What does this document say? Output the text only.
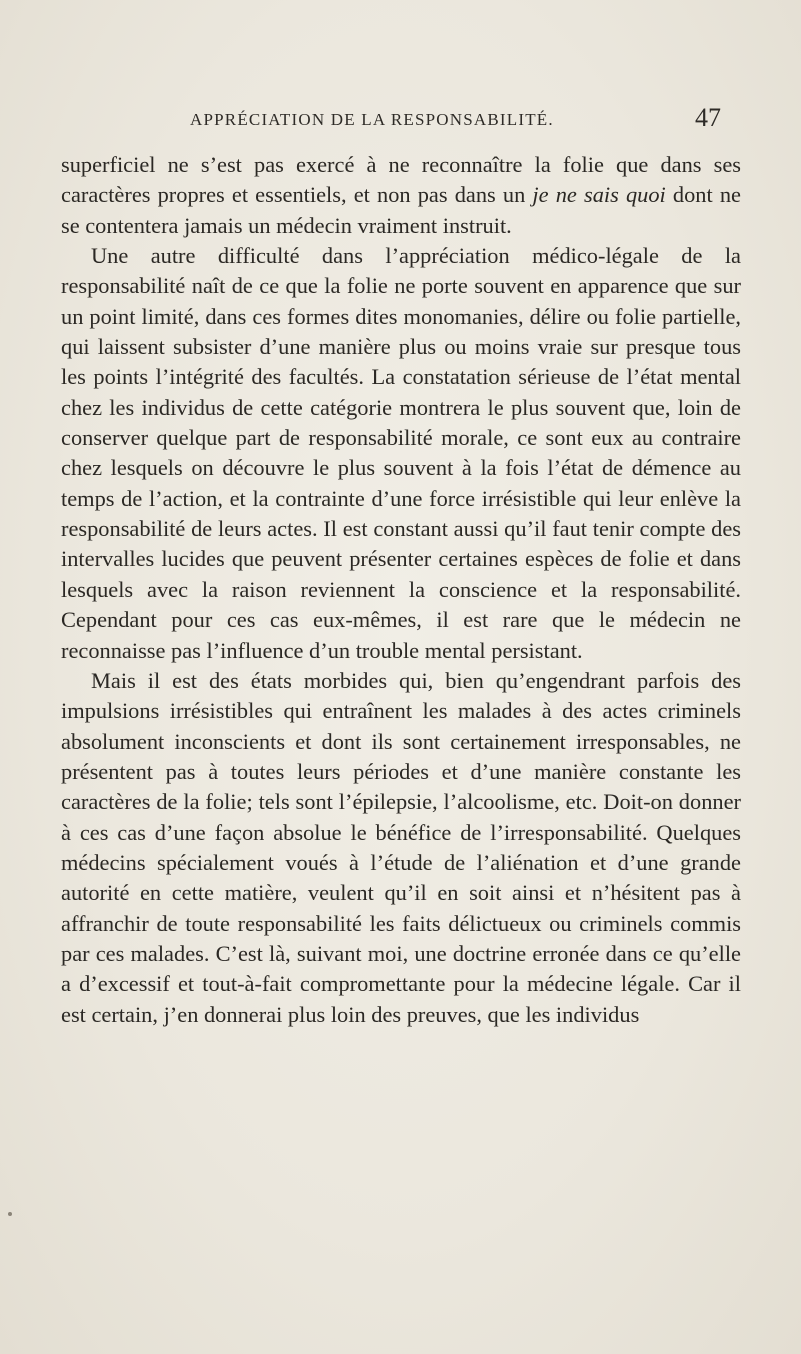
APPRÉCIATION DE LA RESPONSABILITÉ.	47

superficiel ne s’est pas exercé à ne reconnaître la folie que dans ses caractères propres et essentiels, et non pas dans un je ne sais quoi dont ne se contentera jamais un médecin vraiment instruit.

Une autre difficulté dans l’appréciation médico-légale de la responsabilité naît de ce que la folie ne porte souvent en apparence que sur un point limité, dans ces formes dites monomanies, délire ou folie partielle, qui laissent subsister d’une manière plus ou moins vraie sur presque tous les points l’intégrité des facultés. La constatation sérieuse de l’état mental chez les individus de cette catégorie montrera le plus souvent que, loin de conserver quelque part de responsabilité morale, ce sont eux au contraire chez lesquels on découvre le plus souvent à la fois l’état de démence au temps de l’action, et la contrainte d’une force irrésistible qui leur enlève la responsabilité de leurs actes. Il est constant aussi qu’il faut tenir compte des intervalles lucides que peuvent présenter certaines espèces de folie et dans lesquels avec la raison reviennent la conscience et la responsabilité. Cependant pour ces cas eux-mêmes, il est rare que le médecin ne reconnaisse pas l’influence d’un trouble mental persistant.

Mais il est des états morbides qui, bien qu’engendrant parfois des impulsions irrésistibles qui entraînent les malades à des actes criminels absolument inconscients et dont ils sont certainement irresponsables, ne présentent pas à toutes leurs périodes et d’une manière constante les caractères de la folie; tels sont l’épilepsie, l’alcoolisme, etc. Doit-on donner à ces cas d’une façon absolue le bénéfice de l’irresponsabilité. Quelques médecins spécialement voués à l’étude de l’aliénation et d’une grande autorité en cette matière, veulent qu’il en soit ainsi et n’hésitent pas à affranchir de toute responsabilité les faits délictueux ou criminels commis par ces malades. C’est là, suivant moi, une doctrine erronée dans ce qu’elle a d’excessif et tout-à-fait compromettante pour la médecine légale. Car il est certain, j’en donnerai plus loin des preuves, que les individus
